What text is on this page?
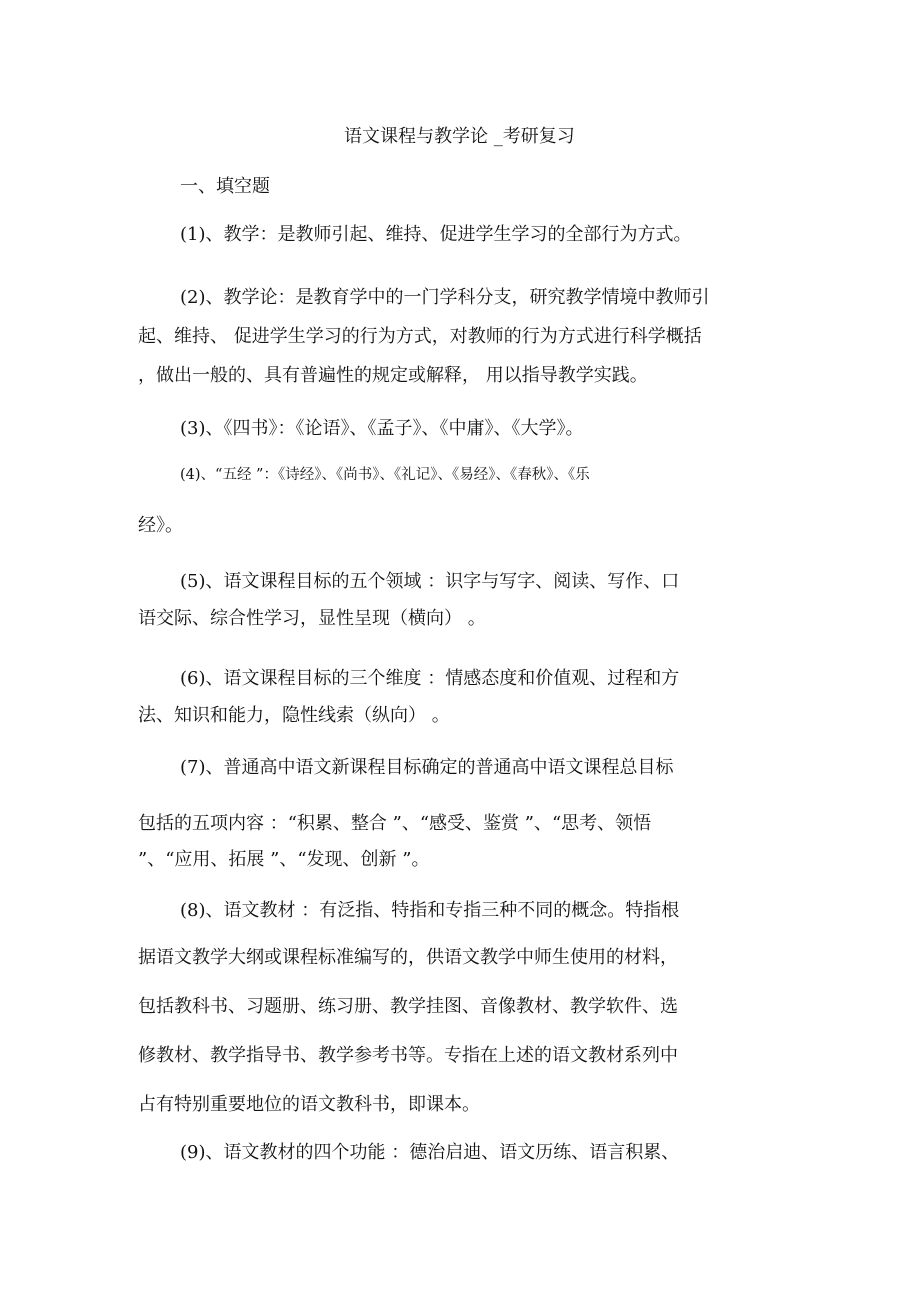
语文课程与教学论 _考研复习
一、填空题
(1)、教学：是教师引起、维持、促进学生学习的全部行为方式。
(2)、教学论：是教育学中的一门学科分支，研究教学情境中教师引
起、维持、 促进学生学习的行为方式，对教师的行为方式进行科学概括
，做出一般的、具有普遍性的规定或解释， 用以指导教学实践。
(3)、《四书》：《论语》、《孟子》、《中庸》、《大学》。
(4)、“五经 ”：《诗经》、《尚书》、《礼记》、《易经》、《春秋》、《乐
经》。
(5)、语文课程目标的五个领域 ：识字与写字、阅读、写作、口
语交际、综合性学习，显性呈现（横向） 。
(6)、语文课程目标的三个维度 ：情感态度和价值观、过程和方
法、知识和能力，隐性线索（纵向） 。
(7)、普通高中语文新课程目标确定的普通高中语文课程总目标
包括的五项内容 ：“积累、整合 ”、“感受、鉴赏 ”、“思考、领悟
”、“应用、拓展 ”、“发现、创新 ”。
(8)、语文教材 ：有泛指、特指和专指三种不同的概念。特指根
据语文教学大纲或课程标准编写的，供语文教学中师生使用的材料，
包括教科书、习题册、练习册、教学挂图、音像教材、教学软件、选
修教材、教学指导书、教学参考书等。专指在上述的语文教材系列中
占有特别重要地位的语文教科书，即课本。
(9)、语文教材的四个功能 ：德治启迪、语文历练、语言积累、
